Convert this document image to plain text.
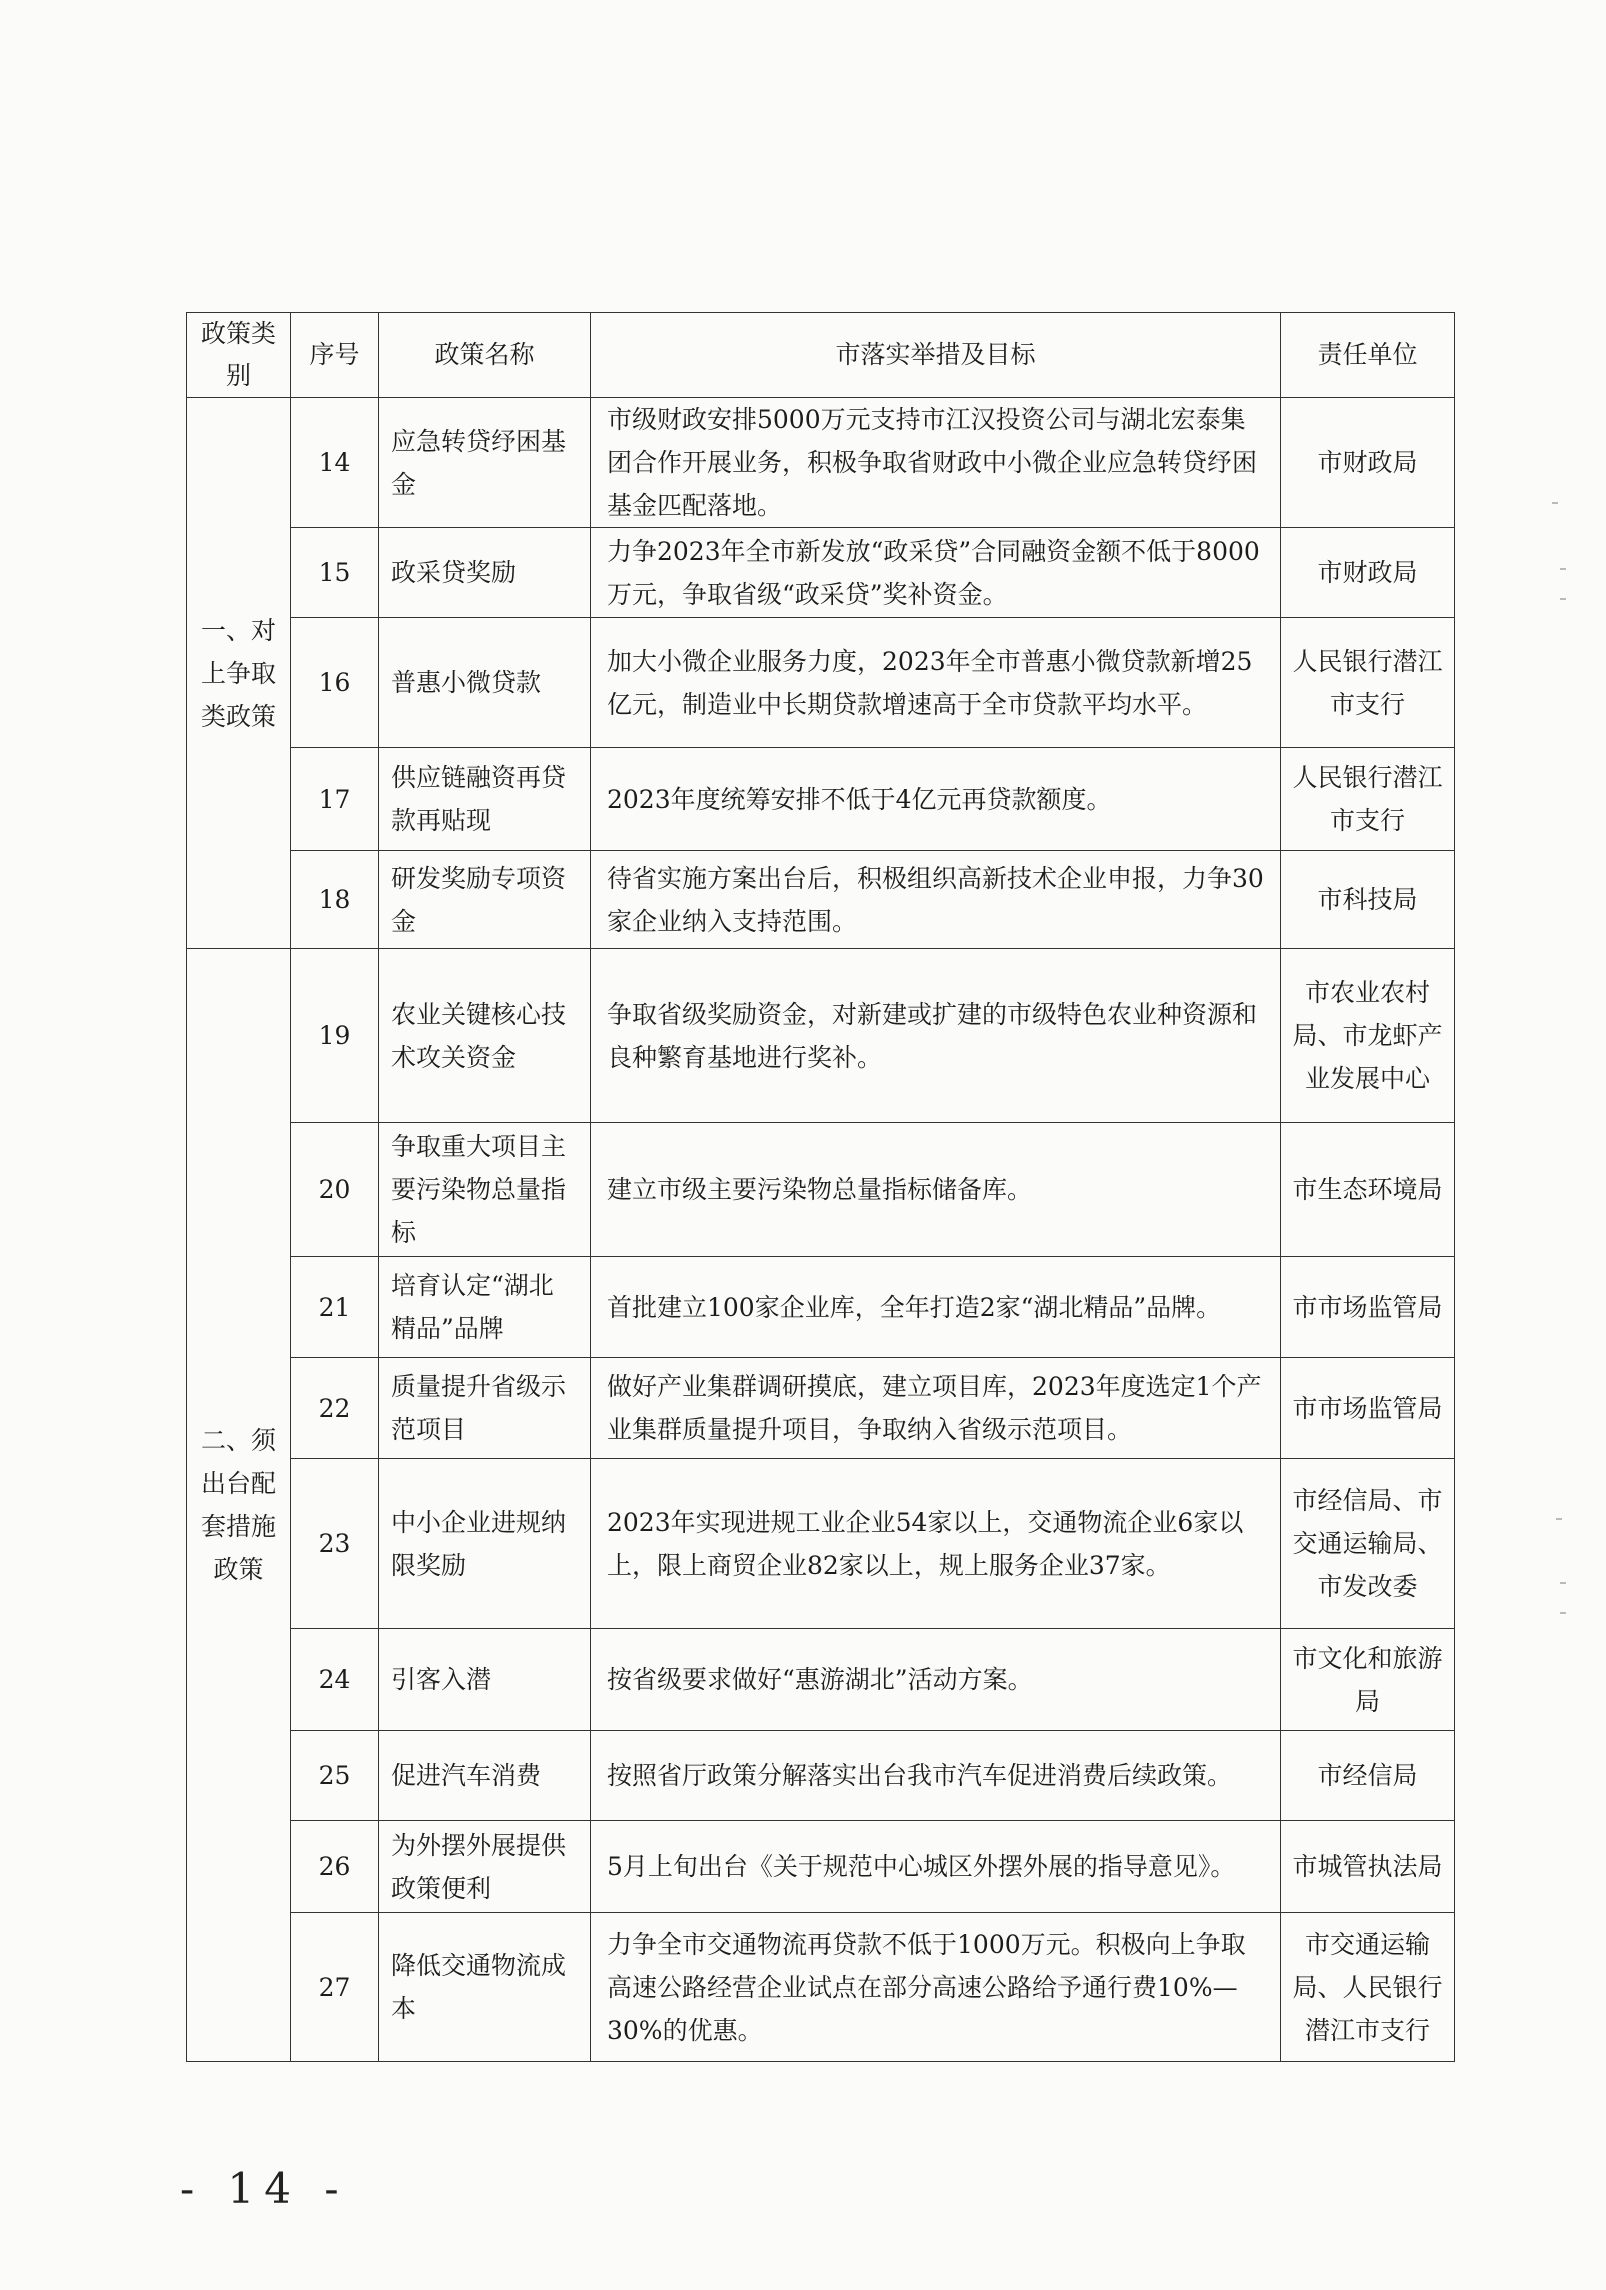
政策类别	序号	政策名称	市落实举措及目标	责任单位
一、对上争取类政策	14	应急转贷纾困基金	市级财政安排5000万元支持市江汉投资公司与湖北宏泰集团合作开展业务，积极争取省财政中小微企业应急转贷纾困基金匹配落地。	市财政局
	15	政采贷奖励	力争2023年全市新发放“政采贷”合同融资金额不低于8000万元，争取省级“政采贷”奖补资金。	市财政局
	16	普惠小微贷款	加大小微企业服务力度，2023年全市普惠小微贷款新增25亿元，制造业中长期贷款增速高于全市贷款平均水平。	人民银行潜江市支行
	17	供应链融资再贷款再贴现	2023年度统筹安排不低于4亿元再贷款额度。	人民银行潜江市支行
	18	研发奖励专项资金	待省实施方案出台后，积极组织高新技术企业申报，力争30家企业纳入支持范围。	市科技局
二、须出台配套措施政策	19	农业关键核心技术攻关资金	争取省级奖励资金，对新建或扩建的市级特色农业种资源和良种繁育基地进行奖补。	市农业农村局、市龙虾产业发展中心
	20	争取重大项目主要污染物总量指标	建立市级主要污染物总量指标储备库。	市生态环境局
	21	培育认定“湖北精品”品牌	首批建立100家企业库，全年打造2家“湖北精品”品牌。	市市场监管局
	22	质量提升省级示范项目	做好产业集群调研摸底，建立项目库，2023年度选定1个产业集群质量提升项目，争取纳入省级示范项目。	市市场监管局
	23	中小企业进规纳限奖励	2023年实现进规工业企业54家以上，交通物流企业6家以上，限上商贸企业82家以上，规上服务企业37家。	市经信局、市交通运输局、市发改委
	24	引客入潜	按省级要求做好“惠游湖北”活动方案。	市文化和旅游局
	25	促进汽车消费	按照省厅政策分解落实出台我市汽车促进消费后续政策。	市经信局
	26	为外摆外展提供政策便利	5月上旬出台《关于规范中心城区外摆外展的指导意见》。	市城管执法局
	27	降低交通物流成本	力争全市交通物流再贷款不低于1000万元。积极向上争取高速公路经营企业试点在部分高速公路给予通行费10%—30%的优惠。	市交通运输局、人民银行潜江市支行
- 14 -
